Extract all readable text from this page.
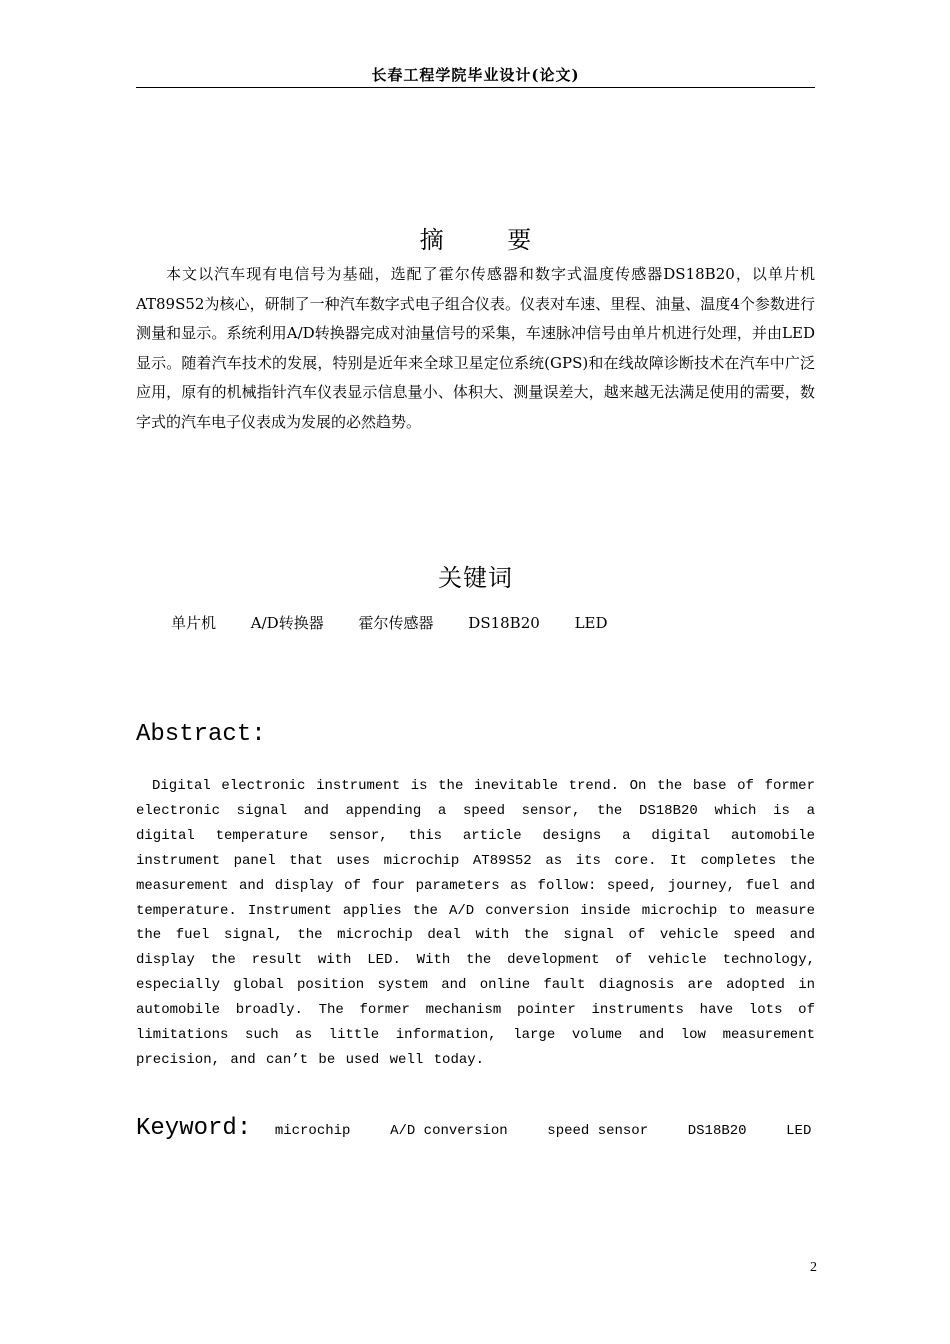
长春工程学院毕业设计(论文)
摘 要

本文以汽车现有电信号为基础，选配了霍尔传感器和数字式温度传感器DS18B20，以单片机AT89S52为核心，研制了一种汽车数字式电子组合仪表。仪表对车速、里程、油量、温度4个参数进行测量和显示。系统利用A/D转换器完成对油量信号的采集，车速脉冲信号由单片机进行处理，并由LED显示。随着汽车技术的发展，特别是近年来全球卫星定位系统(GPS)和在线故障诊断技术在汽车中广泛应用，原有的机械指针汽车仪表显示信息量小、体积大、测量误差大，越来越无法满足使用的需要，数字式的汽车电子仪表成为发展的必然趋势。

关键词
单片机 A/D转换器 霍尔传感器 DS18B20 LED
Abstract:

Digital electronic instrument is the inevitable trend. On the base of former electronic signal and appending a speed sensor, the DS18B20 which is a digital temperature sensor, this article designs a digital automobile instrument panel that uses microchip AT89S52 as its core. It completes the measurement and display of four parameters as follow: speed, journey, fuel and temperature. Instrument applies the A/D conversion inside microchip to measure the fuel signal, the microchip deal with the signal of vehicle speed and display the result with LED. With the development of vehicle technology, especially global position system and online fault diagnosis are adopted in automobile broadly. The former mechanism pointer instruments have lots of limitations such as little information, large volume and low measurement precision, and can’t be used well today.

Keyword: microchip	A/D conversion	speed sensor	DS18B20	LED
2
